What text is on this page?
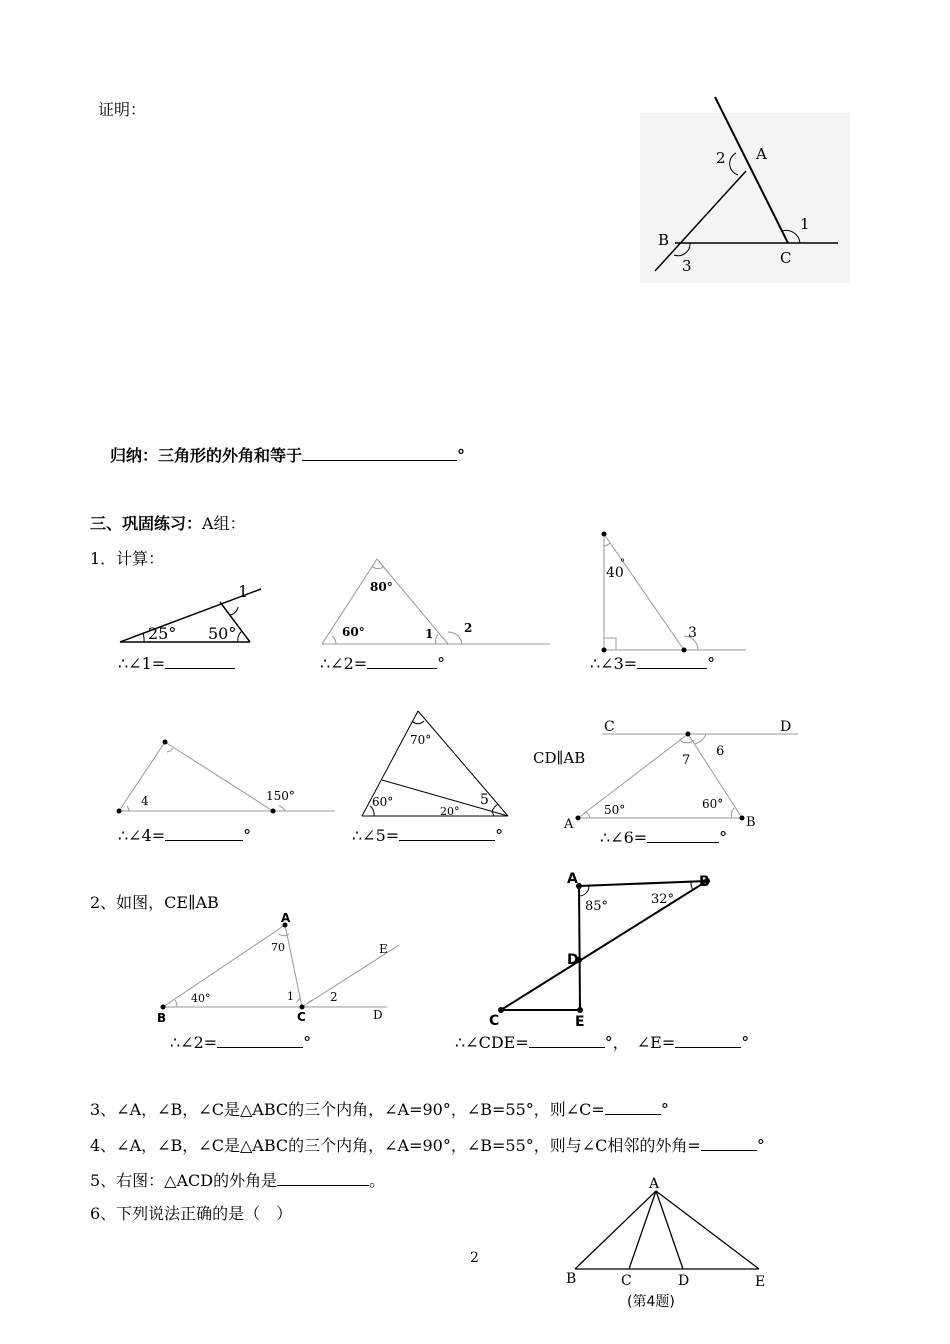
证明：
2 A
1
B
3	C
归纳：三角形的外角和等于	°
三、巩固练习：A组：
1．计算：
1
25° 50°
∴∠1=
80°
60°	1	2
∴∠2=	°
40
°
3
∴∠3=	°
4	150°
∴∠4=	°
70°
60°
20°
5
∴∠5=	°
CD∥AB
C	D
6
7
50°	60°
A	B
∴∠6=	°
2、如图，CE∥AB
A
70	E
40°	1	2
B	C	D
∴∠2=	°
A	B
85°	32°
D
C	E
∴∠CDE=	°， ∠E=	°
3、∠A，∠B，∠C是△ABC的三个内角，∠A=90°，∠B=55°，则∠C=	°
4、∠A，∠B，∠C是△ABC的三个内角，∠A=90°，∠B=55°，则与∠C相邻的外角=	°
5、右图：△ACD的外角是	。
6、下列说法正确的是（　）
A
B	C	D	E
(第4题)
2
